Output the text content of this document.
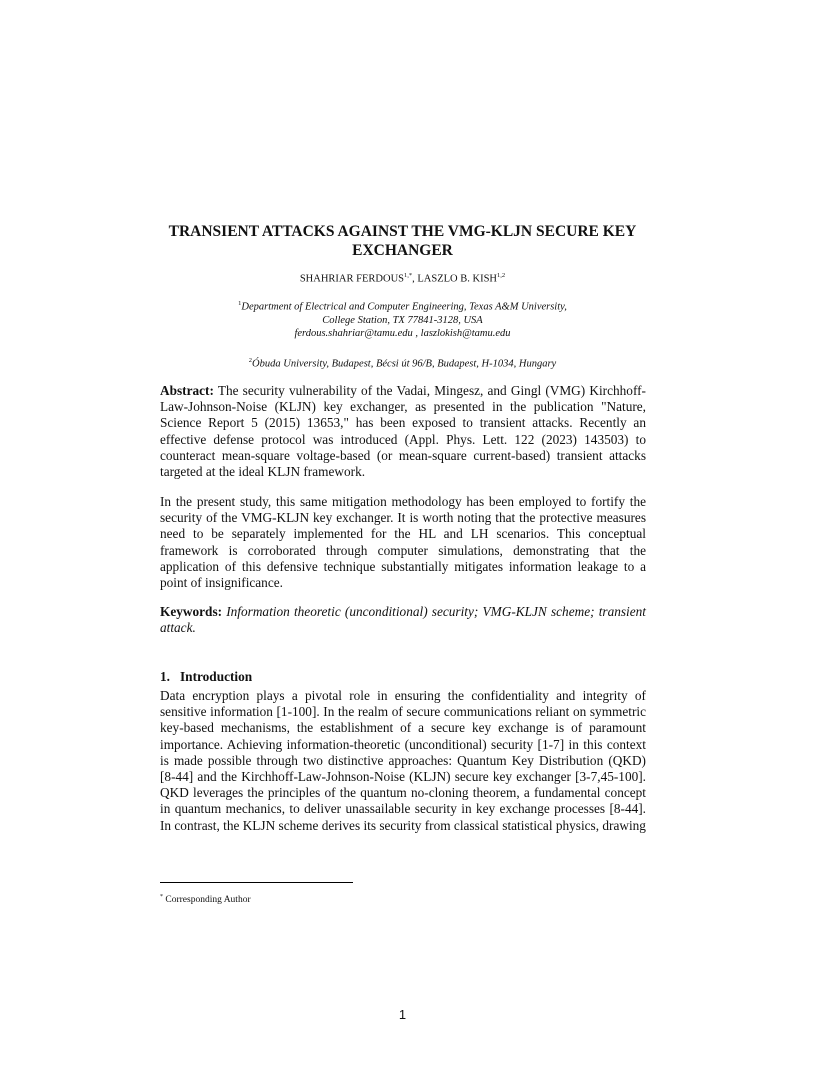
TRANSIENT ATTACKS AGAINST THE VMG-KLJN SECURE KEY EXCHANGER
SHAHRIAR $FERDOUS^{1,*}$, LASZLO B. KISH$^{1,2}$
$^1$Department of Electrical and Computer Engineering, Texas A&M University,
College Station, TX 77841-3128, USA
ferdous.shahriar@tamu.edu , laszlokish@tamu.edu
$^2$Óbuda University, Budapest, Bécsi út 96/B, Budapest, H-1034, Hungary
Abstract: The security vulnerability of the Vadai, Mingesz, and Gingl (VMG) Kirchhoff-Law-Johnson-Noise (KLJN) key exchanger, as presented in the publication "Nature, Science Report 5 (2015) 13653," has been exposed to transient attacks. Recently an effective defense protocol was introduced (Appl. Phys. Lett. 122 (2023) 143503) to counteract mean-square voltage-based (or mean-square current-based) transient attacks targeted at the ideal KLJN framework.
In the present study, this same mitigation methodology has been employed to fortify the security of the VMG-KLJN key exchanger. It is worth noting that the protective measures need to be separately implemented for the HL and LH scenarios. This conceptual framework is corroborated through computer simulations, demonstrating that the application of this defensive technique substantially mitigates information leakage to a point of insignificance.
Keywords: Information theoretic (unconditional) security; VMG-KLJN scheme; transient attack.
1. Introduction
Data encryption plays a pivotal role in ensuring the confidentiality and integrity of sensitive information [1-100]. In the realm of secure communications reliant on symmetric key-based mechanisms, the establishment of a secure key exchange is of paramount importance. Achieving information-theoretic (unconditional) security [1-7] in this context is made possible through two distinctive approaches: Quantum Key Distribution (QKD) [8-44] and the Kirchhoff-Law-Johnson-Noise (KLJN) secure key exchanger [3-7,45-100]. QKD leverages the principles of the quantum no-cloning theorem, a fundamental concept in quantum mechanics, to deliver unassailable security in key exchange processes [8-44]. In contrast, the KLJN scheme derives its security from classical statistical physics, drawing
* Corresponding Author
1
